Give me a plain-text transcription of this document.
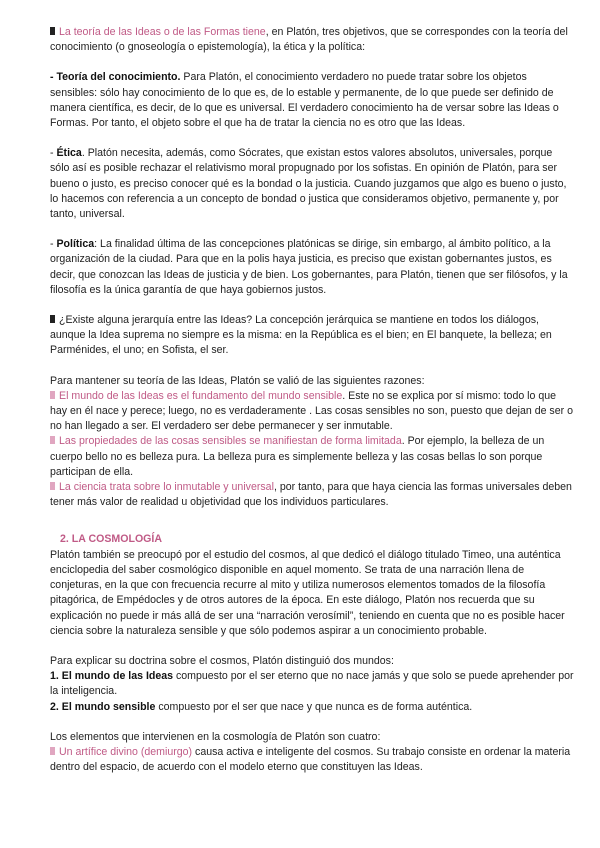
La teoría de las Ideas o de las Formas tiene, en Platón, tres objetivos, que se correspondes con la teoría del conocimiento (o gnoseología o epistemología), la ética y la política:

- Teoría del conocimiento. Para Platón, el conocimiento verdadero no puede tratar sobre los objetos sensibles: sólo hay conocimiento de lo que es, de lo estable y permanente, de lo que puede ser definido de manera científica, es decir, de lo que es universal. El verdadero conocimiento ha de versar sobre las Ideas o Formas. Por tanto, el objeto sobre el que ha de tratar la ciencia no es otro que las Ideas.

- Ética. Platón necesita, además, como Sócrates, que existan estos valores absolutos, universales, porque sólo así es posible rechazar el relativismo moral propugnado por los sofistas. En opinión de Platón, para ser bueno o justo, es preciso conocer qué es la bondad o la justicia. Cuando juzgamos que algo es bueno o justo, lo hacemos con referencia a un concepto de bondad o justica que consideramos objetivo, permanente y, por tanto, universal.

- Política: La finalidad última de las concepciones platónicas se dirige, sin embargo, al ámbito político, a la organización de la ciudad. Para que en la polis haya justicia, es preciso que existan gobernantes justos, es decir, que conozcan las Ideas de justicia y de bien. Los gobernantes, para Platón, tienen que ser filósofos, y la filosofía es la única garantía de que haya gobiernos justos.

¿Existe alguna jerarquía entre las Ideas? La concepción jerárquica se mantiene en todos los diálogos, aunque la Idea suprema no siempre es la misma: en la República es el bien; en El banquete, la belleza; en Parménides, el uno; en Sofista, el ser.

Para mantener su teoría de las Ideas, Platón se valió de las siguientes razones:

El mundo de las Ideas es el fundamento del mundo sensible. Este no se explica por sí mismo: todo lo que hay en él nace y perece; luego, no es verdaderamente . Las cosas sensibles no son, puesto que dejan de ser o no han llegado a ser. El verdadero ser debe permanecer y ser inmutable.

Las propiedades de las cosas sensibles se manifiestan de forma limitada. Por ejemplo, la belleza de un cuerpo bello no es belleza pura. La belleza pura es simplemente belleza y las cosas bellas lo son porque participan de ella.

La ciencia trata sobre lo inmutable y universal, por tanto, para que haya ciencia las formas universales deben tener más valor de realidad u objetividad que los individuos particulares.

2. LA COSMOLOGÍA

Platón también se preocupó por el estudio del cosmos, al que dedicó el diálogo titulado Timeo, una auténtica enciclopedia del saber cosmológico disponible en aquel momento. Se trata de una narración llena de conjeturas, en la que con frecuencia recurre al mito y utiliza numerosos elementos tomados de la filosofía pitagórica, de Empédocles y de otros autores de la época. En este diálogo, Platón nos recuerda que su explicación no puede ir más allá de ser una “narración verosímil”, teniendo en cuenta que no es posible hacer ciencia sobre la naturaleza sensible y que sólo podemos aspirar a un conocimiento probable.

Para explicar su doctrina sobre el cosmos, Platón distinguió dos mundos:

1. El mundo de las Ideas compuesto por el ser eterno que no nace jamás y que solo se puede aprehender por la inteligencia.

2. El mundo sensible compuesto por el ser que nace y que nunca es de forma auténtica.

Los elementos que intervienen en la cosmología de Platón son cuatro:

Un artífice divino (demiurgo) causa activa e inteligente del cosmos. Su trabajo consiste en ordenar la materia dentro del espacio, de acuerdo con el modelo eterno que constituyen las Ideas.
